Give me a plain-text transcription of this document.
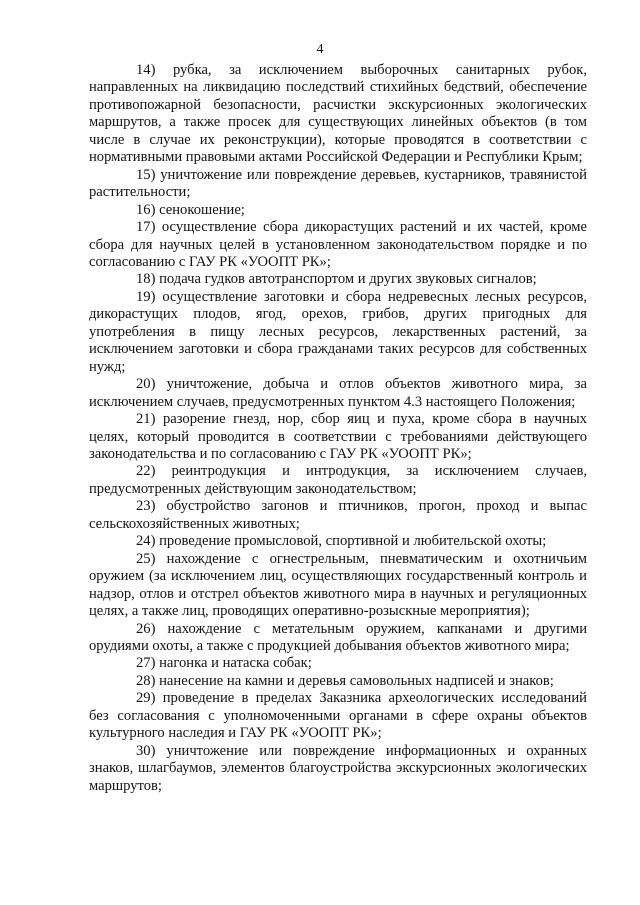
4

14) рубка, за исключением выборочных санитарных рубок, направленных на ликвидацию последствий стихийных бедствий, обеспечение противопожарной безопасности, расчистки экскурсионных экологических маршрутов, а также просек для существующих линейных объектов (в том числе в случае их реконструкции), которые проводятся в соответствии с нормативными правовыми актами Российской Федерации и Республики Крым;

15) уничтожение или повреждение деревьев, кустарников, травянистой растительности;

16) сенокошение;

17) осуществление сбора дикорастущих растений и их частей, кроме сбора для научных целей в установленном законодательством порядке и по согласованию с ГАУ РК «УООПТ РК»;

18) подача гудков автотранспортом и других звуковых сигналов;

19) осуществление заготовки и сбора недревесных лесных ресурсов, дикорастущих плодов, ягод, орехов, грибов, других пригодных для употребления в пищу лесных ресурсов, лекарственных растений, за исключением заготовки и сбора гражданами таких ресурсов для собственных нужд;

20) уничтожение, добыча и отлов объектов животного мира, за исключением случаев, предусмотренных пунктом 4.3 настоящего Положения;

21) разорение гнезд, нор, сбор яиц и пуха, кроме сбора в научных целях, который проводится в соответствии с требованиями действующего законодательства и по согласованию с ГАУ РК «УООПТ РК»;

22) реинтродукция и интродукция, за исключением случаев, предусмотренных действующим законодательством;

23) обустройство загонов и птичников, прогон, проход и выпас сельскохозяйственных животных;

24) проведение промысловой, спортивной и любительской охоты;

25) нахождение с огнестрельным, пневматическим и охотничьим оружием (за исключением лиц, осуществляющих государственный контроль и надзор, отлов и отстрел объектов животного мира в научных и регуляционных целях, а также лиц, проводящих оперативно-розыскные мероприятия);

26) нахождение с метательным оружием, капканами и другими орудиями охоты, а также с продукцией добывания объектов животного мира;

27) нагонка и натаска собак;

28) нанесение на камни и деревья самовольных надписей и знаков;

29) проведение в пределах Заказника археологических исследований без согласования с уполномоченными органами в сфере охраны объектов культурного наследия и ГАУ РК «УООПТ РК»;

30) уничтожение или повреждение информационных и охранных знаков, шлагбаумов, элементов благоустройства экскурсионных экологических маршрутов;
